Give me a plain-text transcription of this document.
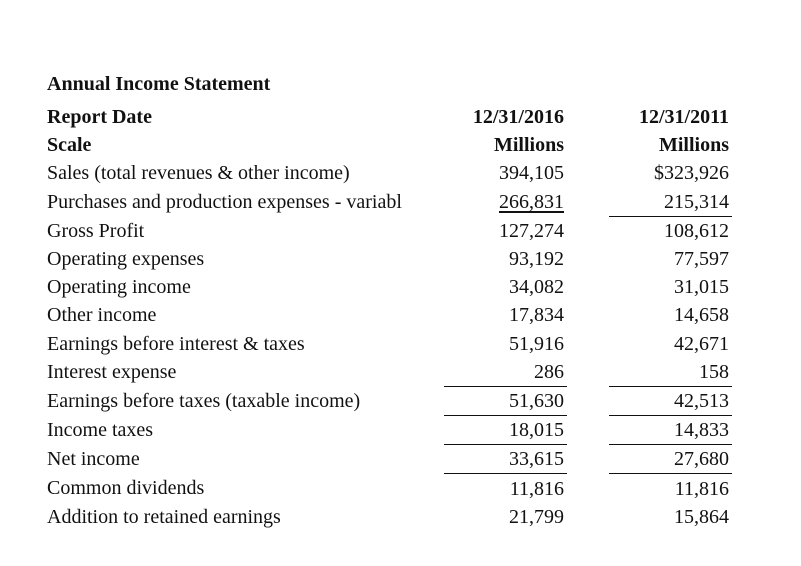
Annual Income Statement
Report Date		12/31/2016		12/31/2011
Scale		Millions		Millions
Sales (total revenues & other income)		394,105		$323,926
Purchases and production expenses - variabl		266,831		215,314
Gross Profit		127,274		108,612
Operating expenses		93,192		77,597
Operating income		34,082		31,015
Other income		17,834		14,658
Earnings before interest & taxes		51,916		42,671
Interest expense		286		158
Earnings before taxes (taxable income)		51,630		42,513
Income taxes		18,015		14,833
Net income		33,615		27,680
Common dividends		11,816		11,816
Addition to retained earnings		21,799		15,864
